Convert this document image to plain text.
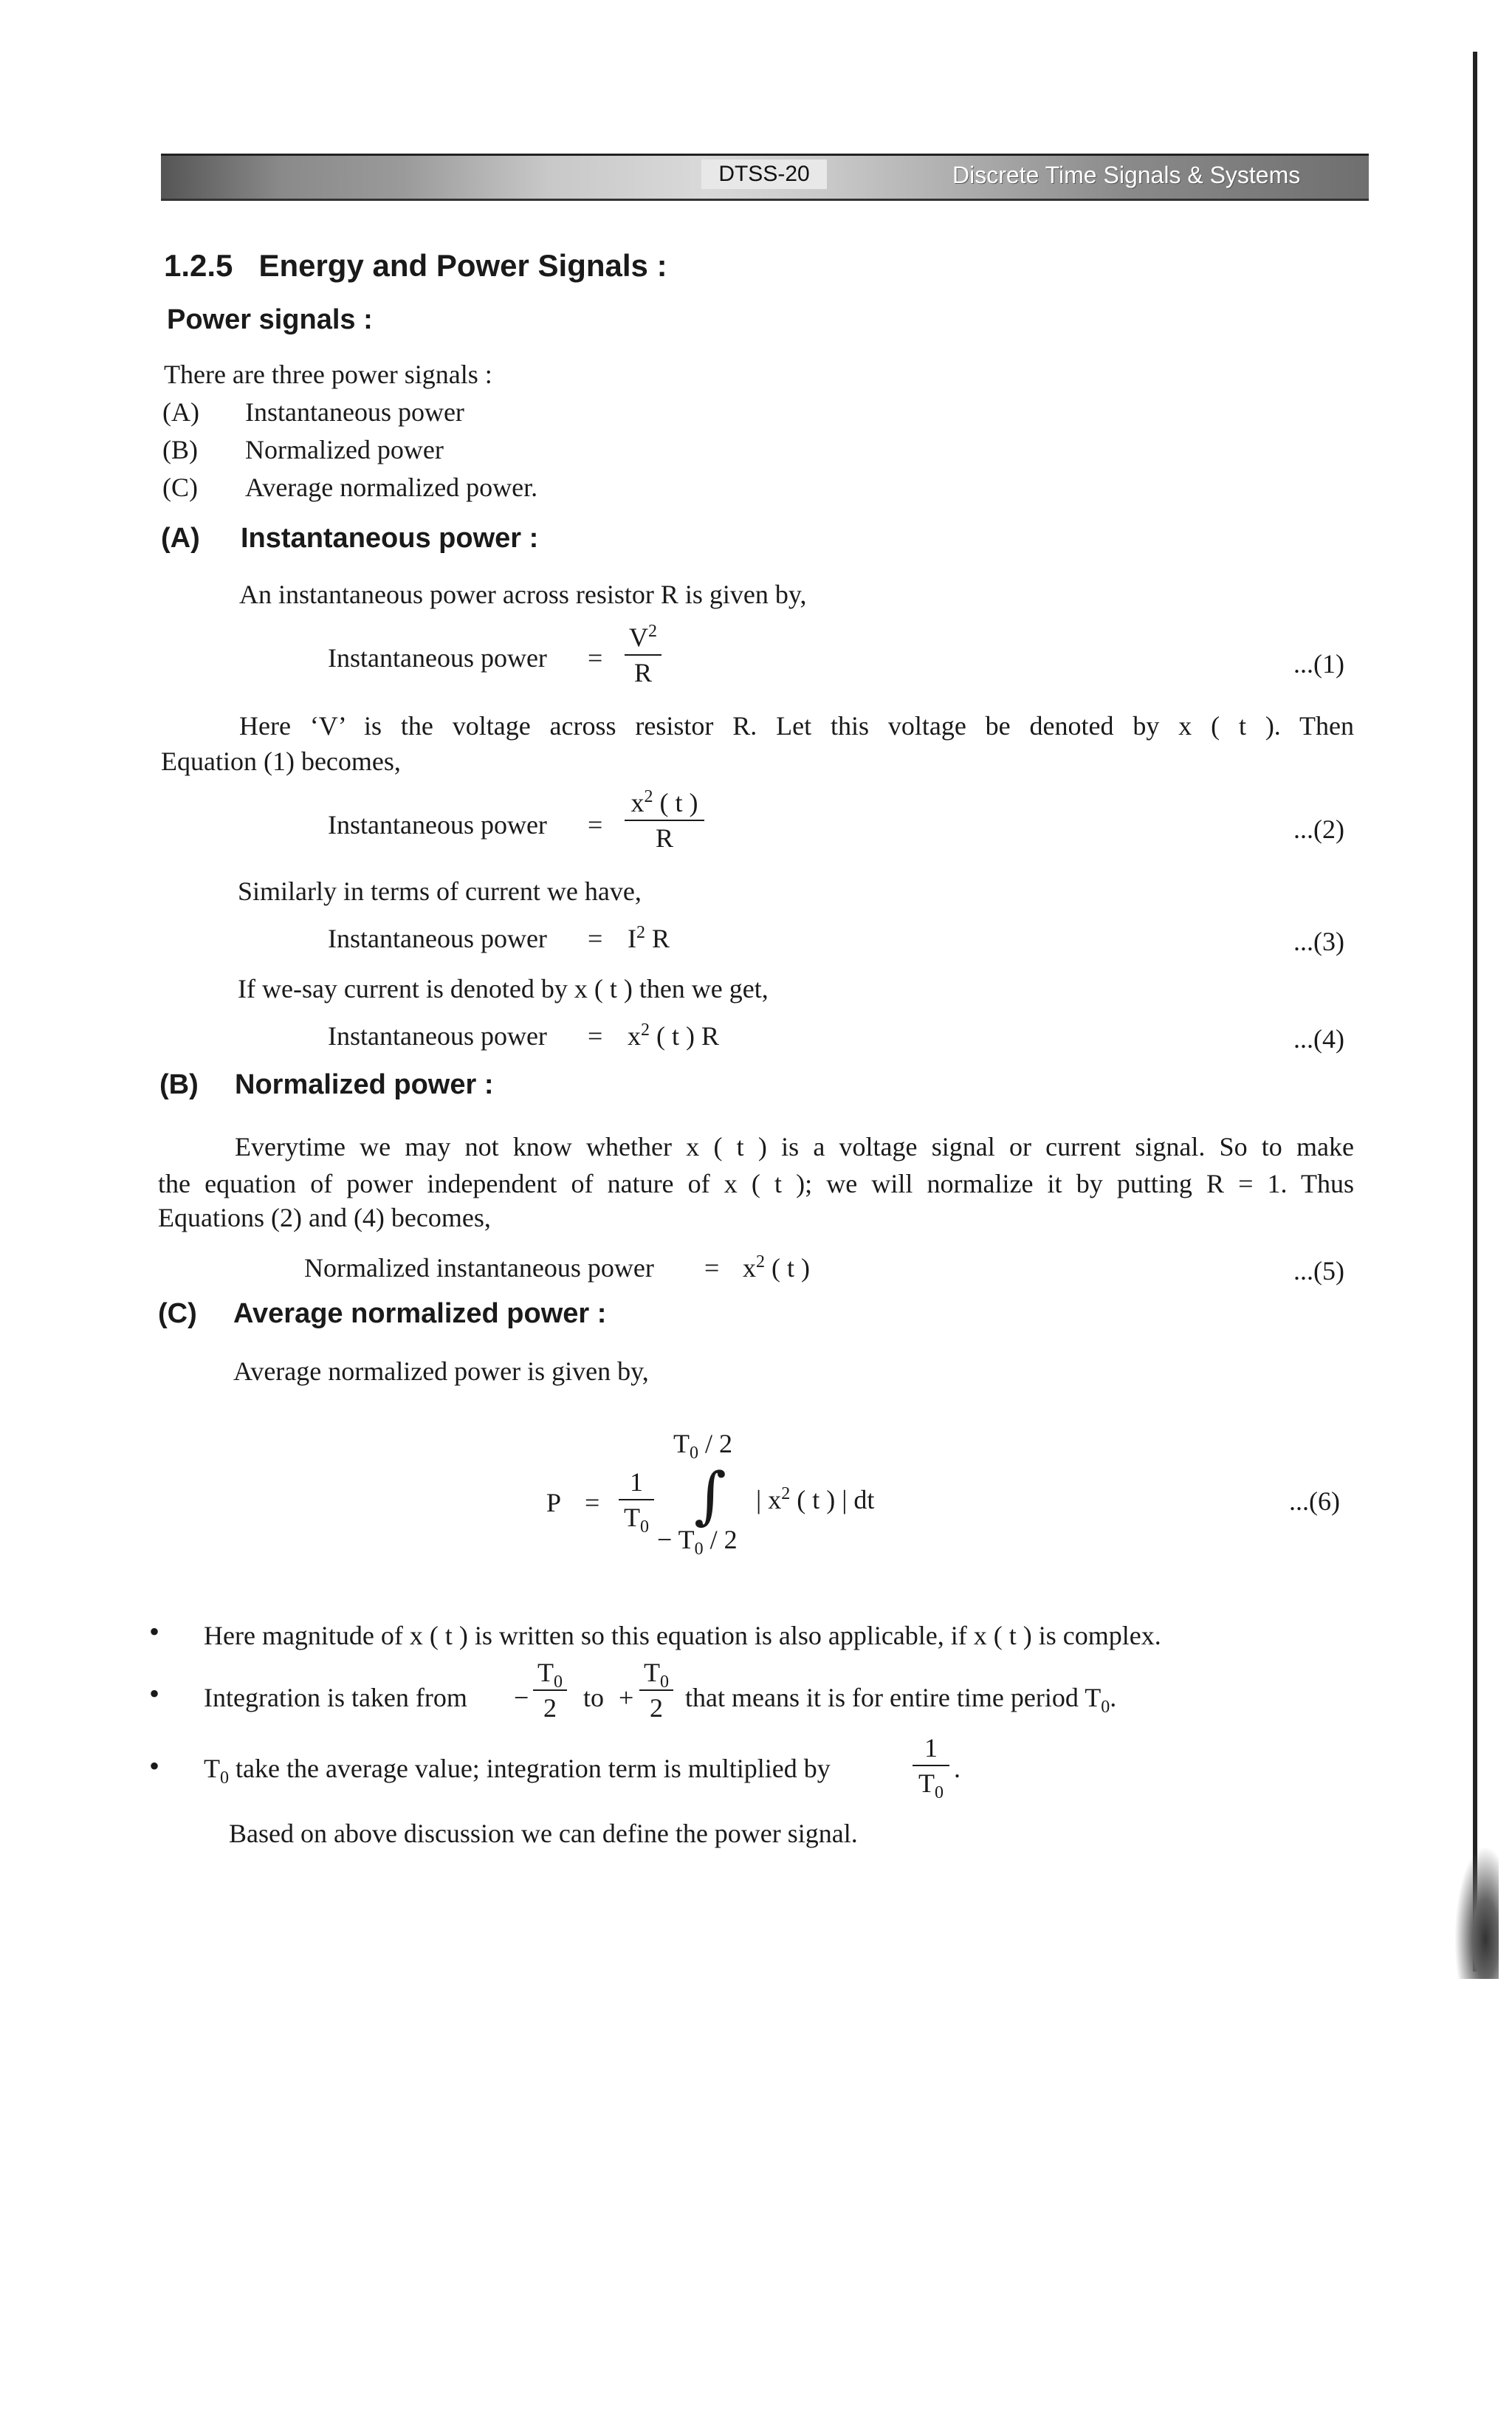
DTSS-20	Discrete Time Signals & Systems
1.2.5 Energy and Power Signals :
Power signals :
There are three power signals :
(A) Instantaneous power
(B) Normalized power
(C) Average normalized power.
(A) Instantaneous power :
An instantaneous power across resistor R is given by,
Instantaneous power =
$V^2$
R	...(1)
Here ‘V’ is the voltage across resistor R. Let this voltage be denoted by x ( t ). Then
Equation (1) becomes,
Instantaneous power =
$x^2$ ( t )
R	...(2)
Similarly in terms of current we have,
Instantaneous power = $I^2$ R	...(3)
If we-say current is denoted by x ( t ) then we get,
Instantaneous power = $x^2$ ( t ) R	...(4)
(B) Normalized power :
Everytime we may not know whether x ( t ) is a voltage signal or current signal. So to make
the equation of power independent of nature of x ( t ); we will normalize it by putting R = 1. Thus
Equations (2) and (4) becomes,
Normalized instantaneous power = $x^2$ ( t )	...(5)
(C) Average normalized power :
Average normalized power is given by,
P =
1
$T_0$
$T_0 / 2$
∫
− $T_0 / 2$
| $x^2$ ( t ) | dt	...(6)
• Here magnitude of x ( t ) is written so this equation is also applicable, if x ( t ) is complex.
• Integration is taken from −
$T_0$
2	to +
$T_0$
2 that means it is for entire time period $T_0$.
• $T_0$ take the average value; integration term is multiplied by
1
$T_0$
.
Based on above discussion we can define the power signal.
